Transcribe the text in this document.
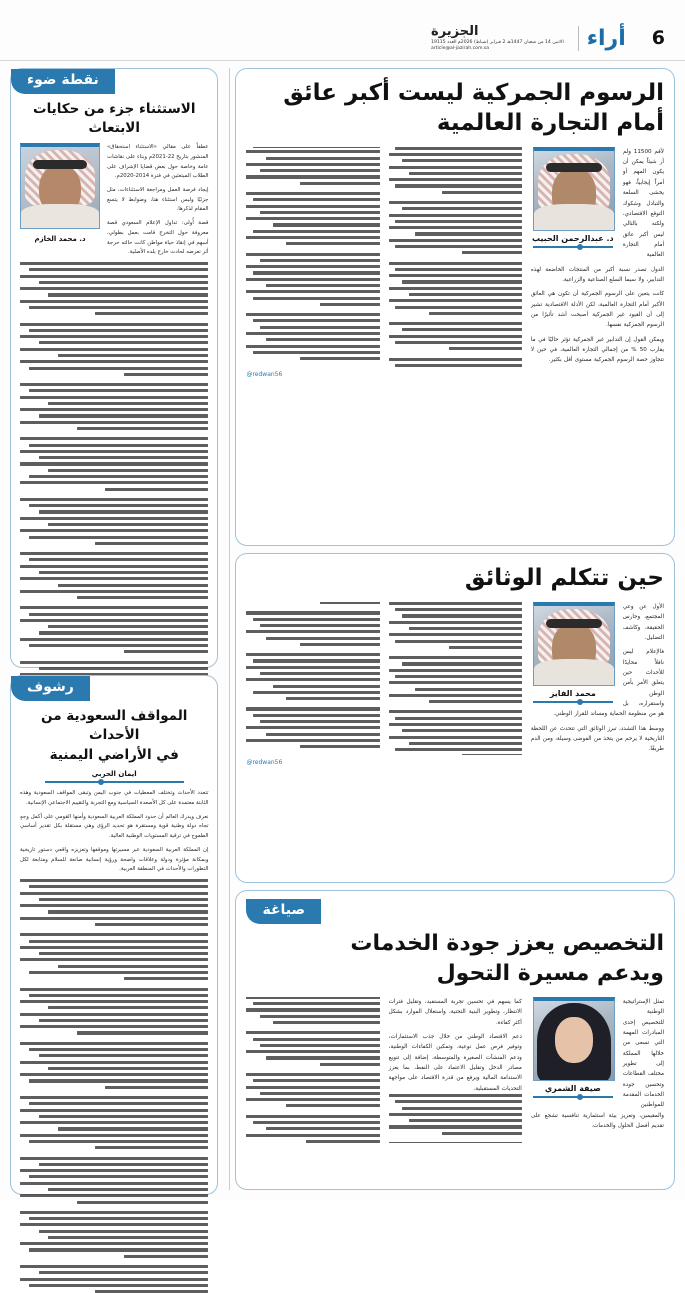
6
أراء
الجزيرة
الاثنين 14 من شعبان 1447هـ 2 فبراير (شباط) 2026م العدد 19115
article@al-jazirah.com.sa
الرسوم الجمركية ليست أكبر عائق أمام التجارة العالمية
د. عبدالرحمن الحبيب

لأقم 11500 ولم أر شيئاً يمكن أن يكون المهم أو أمراً إيجابياً، فهو يخشى السلعة والتبادل وشكوك التوقع الاقتصادي، ولكنه بالتالي ليس أكبر عائق أمام التجارة العالمية

الدول تصدر نسبة أكبر من المنتجات الخاضعة لهذه التدابير، ولا سيما السلع الصناعية والزراعية.

كانت يتعين على الرسوم الجمركية أن تكون هي العائق الأكبر أمام التجارة العالمية، لكن الأدلة الاقتصادية تشير إلى أن القيود غير الجمركية أصبحت أشد تأثيرًا من الرسوم الجمركية نفسها.

ويمكن القول إن التدابير غير الجمركية تؤثر حاليًا في ما يقارب 50 % من إجمالي التجارة العالمية، في حين لا تتجاوز حصة الرسوم الجمركية مستوى أقل بكثير.

@redwan56
حين تتكلم الوثائق
محمد الفايز

الأول عن وعي المجتمع، وحارس الحقيقة، وكاشف التضليل.

فالإعلام ليس نافلاً محايدًا للأحداث حين يتعلق الأمر بأمن الوطن واستقراره، بل هو من منظومة الحماية ومساند للقرار الوطني.

ووسط هذا التشدد، تبرز الوثائق التي تتحدث عن اللحظة التاريخية لا يرحم من يتخذ من الفوضى وسيلة، ومن الدم طريقًا.

@redwan56
صياغة
التخصيص يعزز جودة الخدمات
ويدعم مسيرة التحول
صيفة الشمري

تمثل الإستراتيجية الوطنية للتخصيص إحدى المبادرات المهمة التي تسعى من خلالها المملكة إلى تطوير مختلف القطاعات وتحسين جودة الخدمات المقدمة للمواطنين والمقيمين، وتعزيز بيئة استثمارية تنافسية تشجع على تقديم أفضل الحلول والخدمات.

كما يسهم في تحسين تجربة المستفيد، وتقليل فترات الانتظار، وتطوير البنية التحتية، واستغلال الموارد بشكل أكثر كفاءة.

دعم الاقتصاد الوطني من خلال جذب الاستثمارات، وتوفير فرص عمل نوعية، وتمكين الكفاءات الوطنية، ودعم المنشآت الصغيرة والمتوسطة، إضافة إلى تنويع مصادر الدخل وتقليل الاعتماد على النفط، بما يعزز الاستدامة المالية ويرفع من قدرة الاقتصاد على مواجهة التحديات المستقبلية.

نقطة ضوء
الاستثناء جزء من حكايات الابتعاث
د. محمد الخازم

عطفاً على مقالي «الاستثناء استحقاق» المنشور بتاريخ 22-2021م وبناء على نقاشات عامة وخاصة حول بعض قضايا الإشراف على الطلاب المبتعثين في فترة 2014-2020م.

إيجاد فرصة العمل ومراجعة الاستثناءات، مثل جزئيًا وليس استثناء هنا، وضوابط لا يتسع المقام لذكرها.

قصة أُولى: تداول الإعلام السعودي قصة معروفة حول التخرج قامت بعمل بطولي، أسهم في إنقاذ حياة مواطن كانت حالته حرجة أثر تعرضه لحادث خارج بلده الأصلية.

رشوف
المواقف السعودية من الأحداث
في الأراضي اليمنية
ايمان الحربي

تتعدد الأحداث وتختلف المعطيات في جنوب اليمن وتبقى المواقف السعودية وهذه الثابتة معتمدة على كل الأصعدة السياسية ومع التجربة والتقييم الاجتماعي الإنسانية.

نعرف ويدرك العالم أن حدود المملكة العربية السعودية وأمنها القومي على أكمل وجهٍ تجاه دولة وطنية قوية ومستقرة هو تحديد الرؤى وهي مستقلة بكل تقدير أساسي الطموح في ترقية المستويات الوطنية العالية.

إن المملكة العربية السعودية عبر مسيرتها وموقفها وتعزيزه واقعي دستور تاريخية وبمكانة مؤثرة ودولة وعلاقات واضحة ورؤية إنسانية صانعة للسلام ومتابعة لكل التطورات والأحداث في المنطقة العربية.
